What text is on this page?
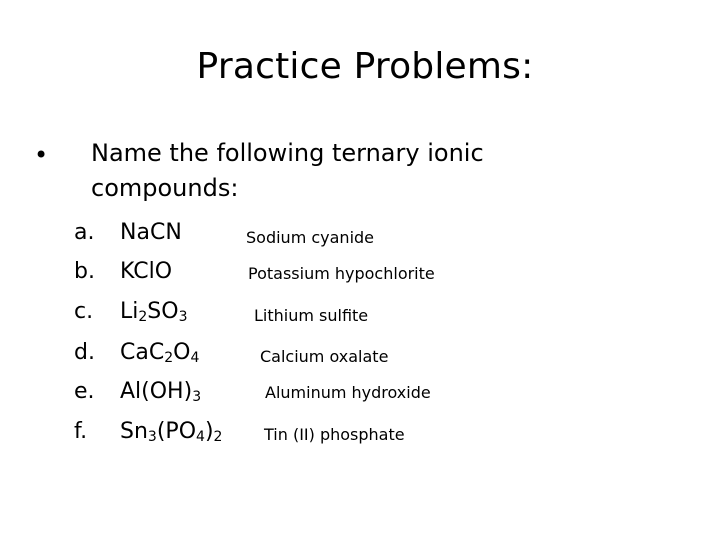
Practice Problems:
• Name the following ternary ionic compounds:
a. NaCN	Sodium cyanide
b. KClO	Potassium hypochlorite
c. $Li_2SO_3$	Lithium sulfite
d. $CaC_2O_4$	Calcium oxalate
e. $Al(OH)_3$	Aluminum hydroxide
f. $Sn_3(PO_4)_2$	Tin (II) phosphate
